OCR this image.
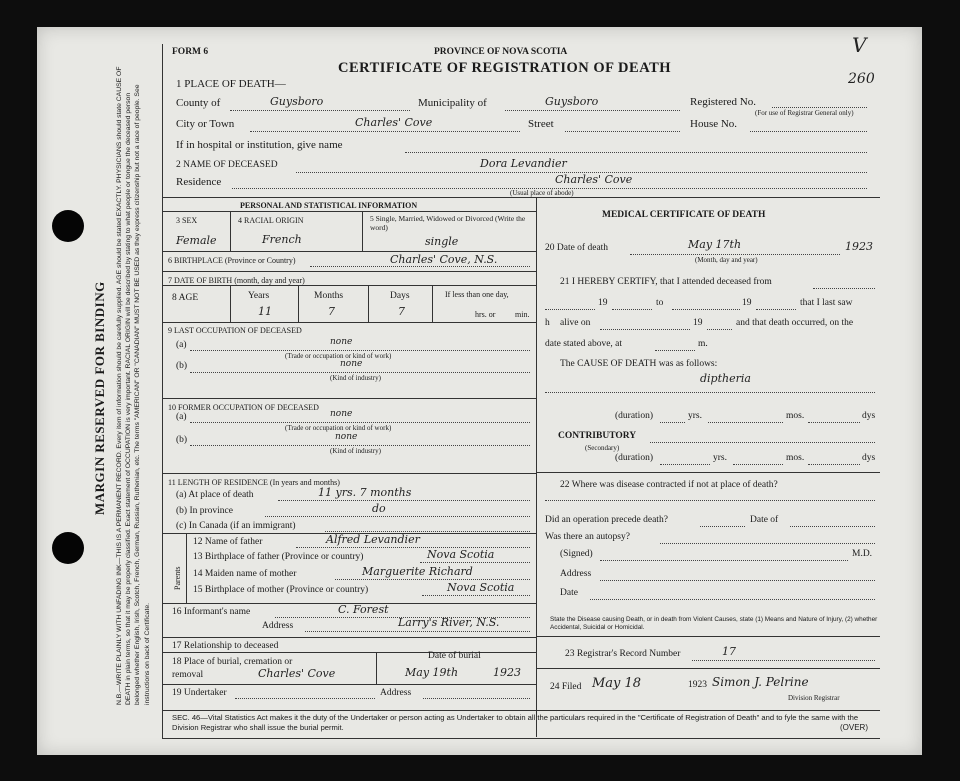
MARGIN RESERVED FOR BINDING N.B.—WRITE PLAINLY WITH UNFADING INK—THIS IS A PERMANENT RECORD. Every item of information should be carefully supplied. AGE should be stated EXACTLY. PHYSICIANS should state CAUSE OF DEATH in plain terms, so that it may be properly classified. Exact statement of OCCUPATION is very important. RACIAL ORIGIN will be described by stating to what people or tongue the deceased person belonged whether English, Irish, Scotch, French, German, Russian, Ruthenian, etc. The terms "AMERICAN" OR "CANADIAN" MUST NOT BE USED as they express citizenship but not a race of people. See instructions on back of Certificate.
FORM 6	PROVINCE OF NOVA SCOTIA
CERTIFICATE OF REGISTRATION OF DEATH
V
260
1 PLACE OF DEATH—
County of	Guysboro	Municipality of	Guysboro	Registered No.
(For use of Registrar General only)
City or Town	Charles' Cove	Street	House No.
If in hospital or institution, give name
2 NAME OF DECEASED	Dora Levandier
Residence	Charles' Cove
(Usual place of abode)
PERSONAL AND STATISTICAL INFORMATION
3 SEX	4 RACIAL ORIGIN	5 Single, Married, Widowed or Divorced (Write the word)
Female	French	single
6 BIRTHPLACE (Province or Country)	Charles' Cove, N.S.
7 DATE OF BIRTH (month, day and year)
8 AGE	Years	Months	Days
11	7	7
If less than one day,
hrs. or min.
9 LAST OCCUPATION OF DECEASED
(a)	none
(Trade or occupation or kind of work)
(b)	none
(Kind of industry)
10 FORMER OCCUPATION OF DECEASED
(a)	none
(Trade or occupation or kind of work)
(b)	none
(Kind of industry)
11 LENGTH OF RESIDENCE (In years and months)
(a) At place of death	11 yrs. 7 months
(b) In province	do
(c) In Canada (if an immigrant)
Parents
12 Name of father	Alfred Levandier
13 Birthplace of father (Province or country)	Nova Scotia
14 Maiden name of mother	Marguerite Richard
15 Birthplace of mother (Province or country)	Nova Scotia
16 Informant's name	C. Forest
Address	Larry's River, N.S.
17 Relationship to deceased
18 Place of burial, cremation or removal	Charles' Cove
Date of burial
May 19th	1923
19 Undertaker	Address
MEDICAL CERTIFICATE OF DEATH
20 Date of death	May 17th	1923
(Month, day and year)
21 I HEREBY CERTIFY, that I attended deceased from
19	to	19	that I last saw
h alive on	19	and that death occurred, on the
date stated above, at	m.
The CAUSE OF DEATH was as follows:
diptheria
(duration)	yrs.	mos.	dys
CONTRIBUTORY
(Secondary)
(duration)	yrs.	mos.	dys
22 Where was disease contracted if not at place of death?
Did an operation precede death?	Date of
Was there an autopsy?
(Signed)	M.D.
Address
Date
State the Disease causing Death, or in death from Violent Causes, state (1) Means and Nature of Injury, (2) whether Accidental, Suicidal or Homicidal.
23 Registrar's Record Number	17
24 Filed May 18	1923 Simon J. Pelrine
Division Registrar
SEC. 46—Vital Statistics Act makes it the duty of the Undertaker or person acting as Undertaker to obtain all the particulars required in the "Certificate of Registration of Death" and to fyle the same with the Division Registrar who shall issue the burial permit.	(OVER)
